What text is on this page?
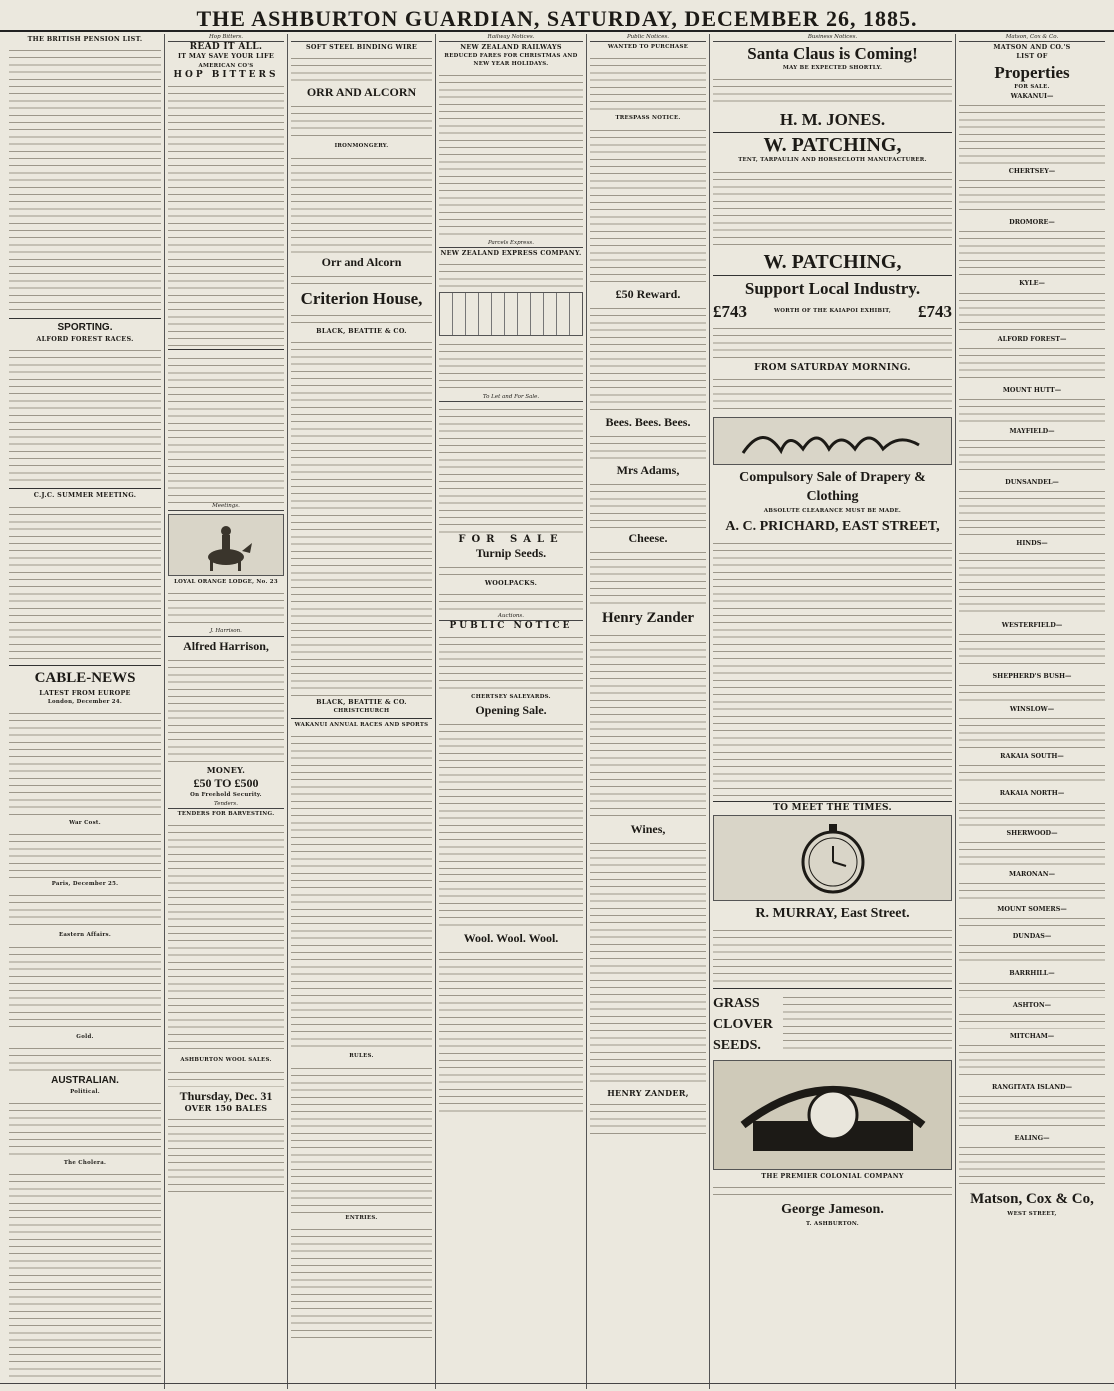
THE ASHBURTON GUARDIAN, SATURDAY, DECEMBER 26, 1885.
THE BRITISH PENSION LIST.
SPORTING.
ALFORD FOREST RACES.
C.J.C. SUMMER MEETING.
CABLE-NEWS
LATEST FROM EUROPE
London, December 24.
War Cost.
Paris, December 25.
Eastern Affairs.
Gold.
AUSTRALIAN.
Political.
The Cholera.
Hop Bitters.
READ IT ALL.
IT MAY SAVE YOUR LIFE
AMERICAN CO'S
HOP BITTERS
Meetings.
LOYAL ORANGE LODGE, No. 23
J. Harrison.
Alfred Harrison,
MONEY.
£50 TO £500
On Freehold Security.
Tenders.
TENDERS FOR BARVESTING.
ASHBURTON WOOL SALES.
Thursday, Dec. 31
OVER 150 BALES

SOFT STEEL BINDING WIRE
ORR AND ALCORN
IRONMONGERY.
Orr and Alcorn
Criterion House,
BLACK, BEATTIE & CO.
BLACK, BEATTIE & CO.
CHRISTCHURCH
WAKANUI ANNUAL RACES AND SPORTS
RULES.
ENTRIES.
Railway Notices.
NEW ZEALAND RAILWAYS
REDUCED FARES FOR CHRISTMAS AND NEW YEAR HOLIDAYS.
Parcels Express.
NEW ZEALAND EXPRESS COMPANY.
To Let and For Sale.
FOR SALE
Turnip Seeds.
WOOLPACKS.
Auctions.
PUBLIC NOTICE
CHERTSEY SALEYARDS.
Opening Sale.
Wool. Wool. Wool.
Public Notices.
WANTED TO PURCHASE
TRESPASS NOTICE.
£50 Reward.
Bees. Bees. Bees.
Mrs Adams,
Cheese.
Henry Zander
Wines,
HENRY ZANDER,
Business Notices.
Santa Claus is Coming!
MAY BE EXPECTED SHORTLY.
H. M. JONES.
W. PATCHING,
TENT, TARPAULIN AND HORSECLOTH MANUFACTURER.
W. PATCHING,
Support Local Industry.
£743	WORTH OF THE KAIAPOI EXHIBIT, £743
FROM SATURDAY MORNING.
Compulsory Sale of Drapery & Clothing
ABSOLUTE CLEARANCE MUST BE MADE.
A. C. PRICHARD, EAST STREET,
TO MEET THE TIMES.
R. MURRAY, East Street.
GRASS
CLOVER
SEEDS.
THE PREMIER COLONIAL COMPANY
George Jameson.
T. ASHBURTON.
Matson, Cox & Co.
MATSON AND CO.'S
LIST OF
Properties
FOR SALE.
WAKANUI—
CHERTSEY—
DROMORE—
KYLE—
ALFORD FOREST—
MOUNT HUTT—
MAYFIELD—
DUNSANDEL—
HINDS—
WESTERFIELD—
SHEPHERD'S BUSH—
WINSLOW—
RAKAIA SOUTH—
RAKAIA NORTH—
SHERWOOD—
MARONAN—
MOUNT SOMERS—
DUNDAS—
BARRHILL—
ASHTON—
MITCHAM—
RANGITATA ISLAND—
EALING—
Matson, Cox & Co,
WEST STREET,
